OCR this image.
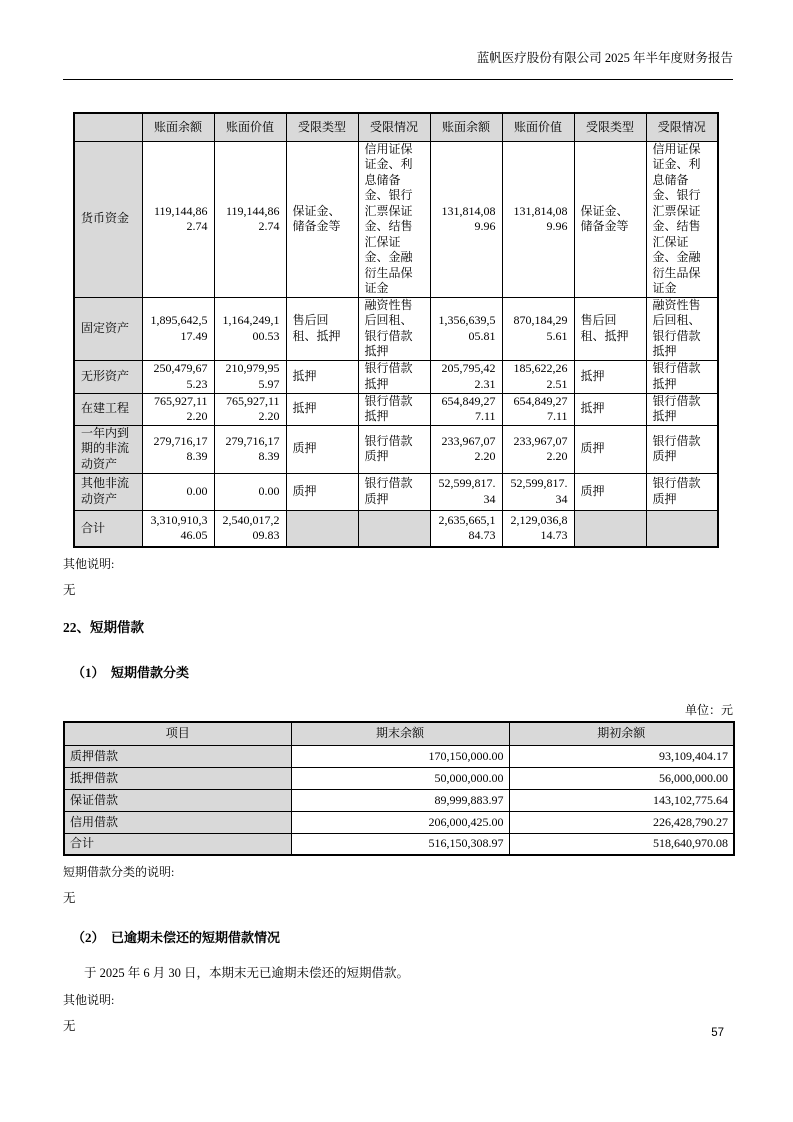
蓝帆医疗股份有限公司 2025 年半年度财务报告
	账面余额	账面价值	受限类型	受限情况	账面余额	账面价值	受限类型	受限情况
货币资金	119,144,862.74	119,144,862.74	保证金、储备金等	信用证保证金、利息储备金、银行汇票保证金、结售汇保证金、金融衍生品保证金	131,814,089.96	131,814,089.96	保证金、储备金等	信用证保证金、利息储备金、银行汇票保证金、结售汇保证金、金融衍生品保证金
固定资产	1,895,642,517.49	1,164,249,100.53	售后回租、抵押	融资性售后回租、银行借款抵押	1,356,639,505.81	870,184,295.61	售后回租、抵押	融资性售后回租、银行借款抵押
无形资产	250,479,675.23	210,979,955.97	抵押	银行借款抵押	205,795,422.31	185,622,262.51	抵押	银行借款抵押
在建工程	765,927,112.20	765,927,112.20	抵押	银行借款抵押	654,849,277.11	654,849,277.11	抵押	银行借款抵押
一年内到期的非流动资产	279,716,178.39	279,716,178.39	质押	银行借款质押	233,967,072.20	233,967,072.20	质押	银行借款质押
其他非流动资产	0.00	0.00	质押	银行借款质押	52,599,817.34	52,599,817.34	质押	银行借款质押
合计	3,310,910,346.05	2,540,017,209.83			2,635,665,184.73	2,129,036,814.73		
其他说明:
无
22、短期借款
（1）　短期借款分类
单位：元
项目	期末余额	期初余额
质押借款	170,150,000.00	93,109,404.17
抵押借款	50,000,000.00	56,000,000.00
保证借款	89,999,883.97	143,102,775.64
信用借款	206,000,425.00	226,428,790.27
合计	516,150,308.97	518,640,970.08
短期借款分类的说明:
无
（2）　已逾期未偿还的短期借款情况
于 2025 年 6 月 30 日，本期末无已逾期未偿还的短期借款。
其他说明:
无	57
